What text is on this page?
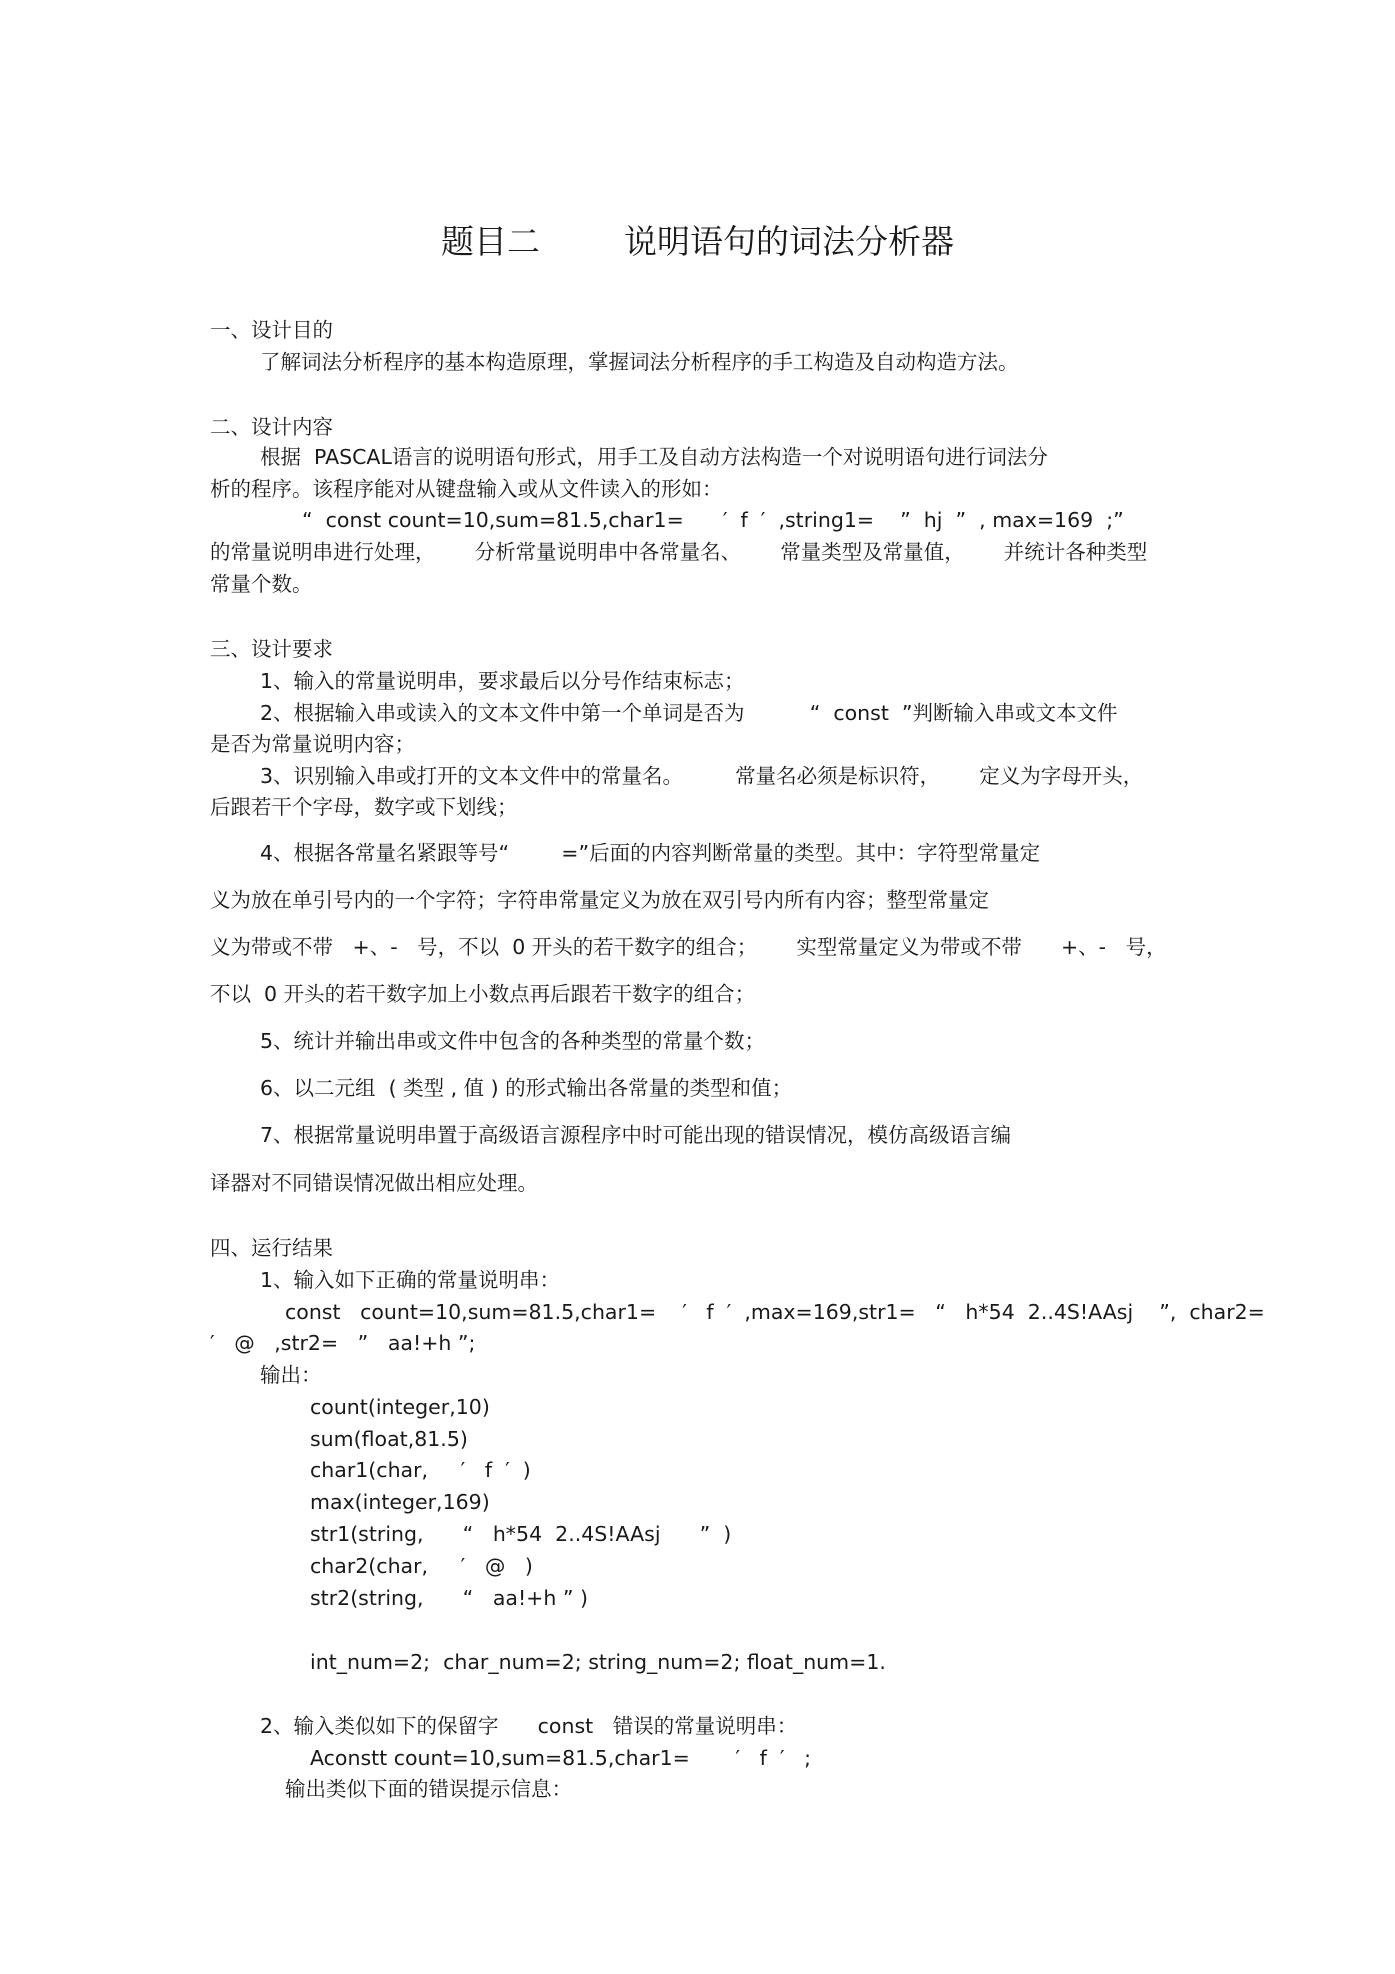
题目二        说明语句的词法分析器
一、设计目的
了解词法分析程序的基本构造原理，掌握词法分析程序的手工构造及自动构造方法。
二、设计内容
根据  PASCAL语言的说明语句形式，用手工及自动方法构造一个对说明语句进行词法分
析的程序。该程序能对从键盘输入或从文件读入的形如：
“  const count=10,sum=81.5,char1=      ′  f  ′  ,string1=    ”  hj  ”  , max=169  ;”
的常量说明串进行处理，      分析常量说明串中各常量名、      常量类型及常量值，      并统计各种类型
常量个数。
三、设计要求
1、输入的常量说明串，要求最后以分号作结束标志；
2、根据输入串或读入的文本文件中第一个单词是否为          “  const  ”判断输入串或文本文件
是否为常量说明内容；
3、识别输入串或打开的文本文件中的常量名。        常量名必须是标识符，      定义为字母开头，
后跟若干个字母，数字或下划线；
4、根据各常量名紧跟等号“        =”后面的内容判断常量的类型。其中：字符型常量定
义为放在单引号内的一个字符；字符串常量定义为放在双引号内所有内容；整型常量定
义为带或不带   +、-   号，不以  0 开头的若干数字的组合；      实型常量定义为带或不带      +、-   号，
不以  0 开头的若干数字加上小数点再后跟若干数字的组合；
5、统计并输出串或文件中包含的各种类型的常量个数；
6、以二元组  ( 类型 , 值 ) 的形式输出各常量的类型和值；
7、根据常量说明串置于高级语言源程序中时可能出现的错误情况，模仿高级语言编
译器对不同错误情况做出相应处理。
四、运行结果
1、输入如下正确的常量说明串：
const   count=10,sum=81.5,char1=    ′   f  ′  ,max=169,str1=   “   h*54  2..4S!AAsj    ”,  char2=
′   @   ,str2=   ”   aa!+h ”;
输出：
count(integer,10)
sum(float,81.5)
char1(char,     ′   f  ′  )
max(integer,169)
str1(string,      “   h*54  2..4S!AAsj      ”  )
char2(char,     ′   @   )
str2(string,      “   aa!+h ” )
int_num=2;  char_num=2; string_num=2; float_num=1.
2、输入类似如下的保留字      const   错误的常量说明串：
Aconstt count=10,sum=81.5,char1=       ′   f  ′   ;
输出类似下面的错误提示信息：
